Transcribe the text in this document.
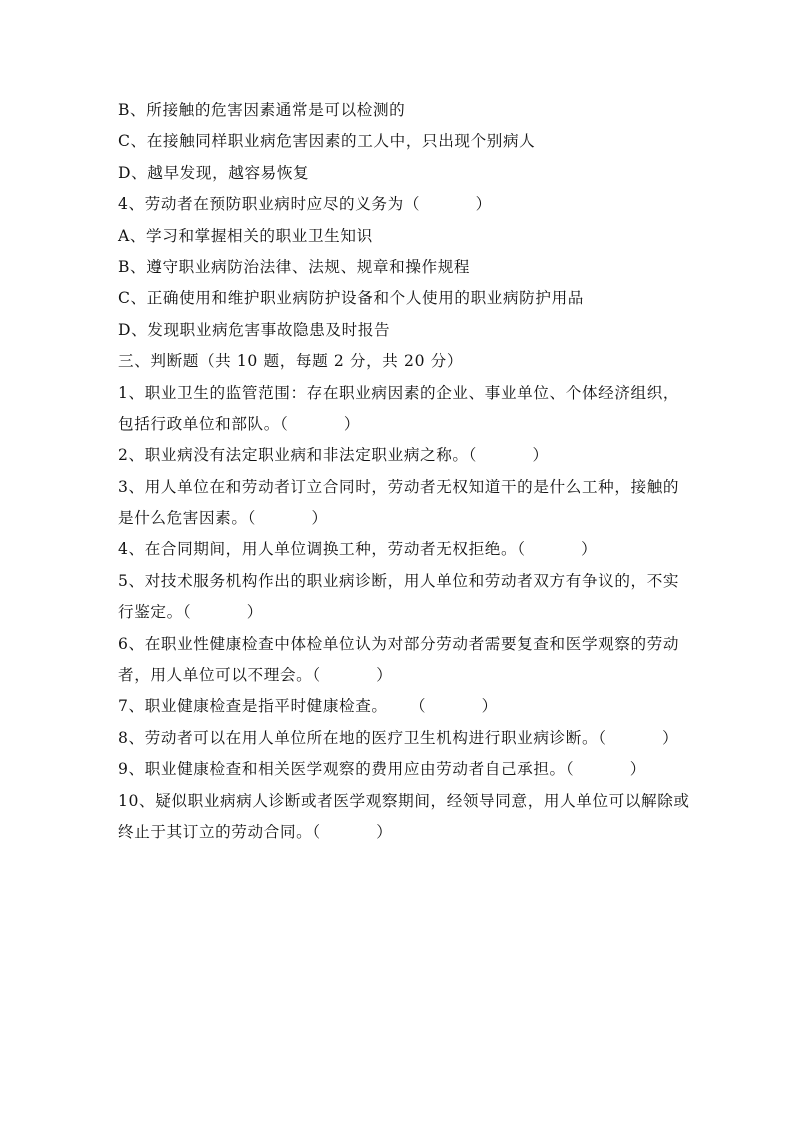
B、所接触的危害因素通常是可以检测的
C、在接触同样职业病危害因素的工人中，只出现个别病人
D、越早发现，越容易恢复
4、劳动者在预防职业病时应尽的义务为（          ）
A、学习和掌握相关的职业卫生知识
B、遵守职业病防治法律、法规、规章和操作规程
C、正确使用和维护职业病防护设备和个人使用的职业病防护用品
D、发现职业病危害事故隐患及时报告
三、判断题（共 10 题，每题 2 分，共 20 分）
1、职业卫生的监管范围：存在职业病因素的企业、事业单位、个体经济组织，
包括行政单位和部队。（          ）
2、职业病没有法定职业病和非法定职业病之称。（          ）
3、用人单位在和劳动者订立合同时，劳动者无权知道干的是什么工种，接触的
是什么危害因素。（          ）
4、在合同期间，用人单位调换工种，劳动者无权拒绝。（          ）
5、对技术服务机构作出的职业病诊断，用人单位和劳动者双方有争议的，不实
行鉴定。（          ）
6、在职业性健康检查中体检单位认为对部分劳动者需要复查和医学观察的劳动
者，用人单位可以不理会。（          ）
7、职业健康检查是指平时健康检查。    （          ）
8、劳动者可以在用人单位所在地的医疗卫生机构进行职业病诊断。（          ）
9、职业健康检查和相关医学观察的费用应由劳动者自己承担。（          ）
10、疑似职业病病人诊断或者医学观察期间，经领导同意，用人单位可以解除或
终止于其订立的劳动合同。（          ）
